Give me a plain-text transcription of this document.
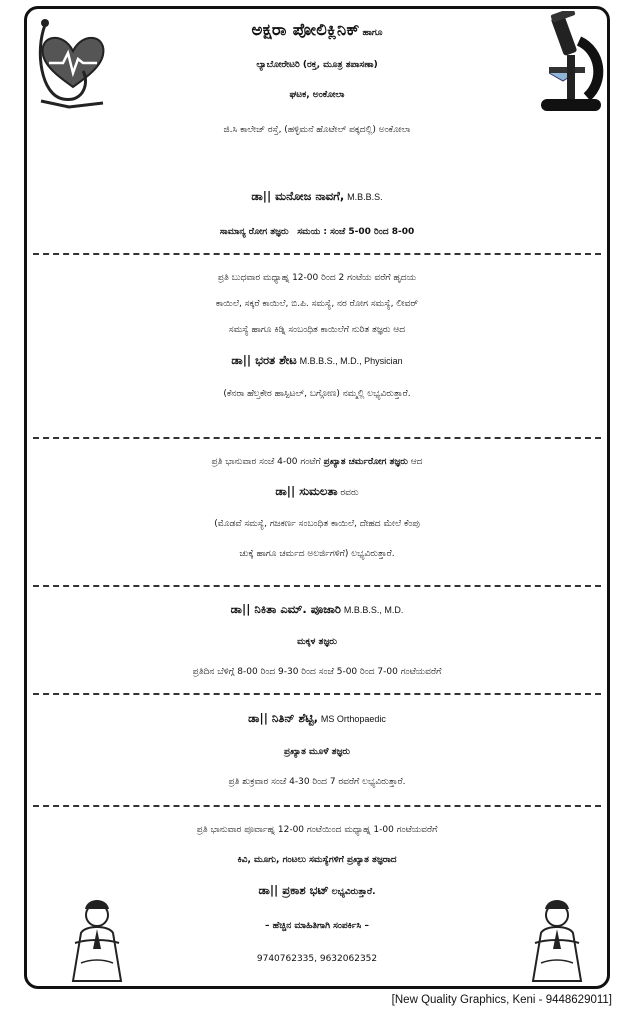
ಅಕ್ಷರಾ ಪೋಲಿಕ್ಲಿನಿಕ್ ಹಾಗೂ
ಲ್ಯಾಬೋರೇಟರಿ (ರಕ್ತ, ಮೂತ್ರ ತಪಾಸಣಾ)
ಘಟಕ, ಅಂಕೋಲಾ
ಜಿ.ಸಿ ಕಾಲೇಜ್ ರಸ್ತೆ, (ಹಳ್ಳಿಮನೆ ಹೊಟೇಲ್ ಪಕ್ಕದಲ್ಲಿ) ಅಂಕೋಲಾ
ಡಾ|| ಮನೋಜ ನಾವಗೆ, M.B.B.S.
ಸಾಮಾನ್ಯ ರೋಗ ತಜ್ಞರು ಸಮಯ : ಸಂಜೆ 5-00 ರಿಂದ 8-00
ಪ್ರತಿ ಬುಧವಾರ ಮಧ್ಯಾಹ್ನ 12-00 ರಿಂದ 2 ಗಂಟೆಯ ವರೆಗೆ ಹೃದಯ
ಕಾಯಿಲೆ, ಸಕ್ಕರೆ ಕಾಯಿಲೆ, ಬಿ.ಪಿ. ಸಮಸ್ಯೆ, ನರ ರೋಗ ಸಮಸ್ಯೆ, ಲೀವರ್
ಸಮಸ್ಯೆ ಹಾಗೂ ಕಿಡ್ನಿ ಸಂಬಂಧಿತ ಕಾಯಿಲೆಗೆ ನುರಿತ ತಜ್ಞರು ಆದ
ಡಾ|| ಭರತ ಶೇಟ M.B.B.S., M.D., Physician
(ಕೆನರಾ ಹೆಲ್ತಕೇರ ಹಾಸ್ಪಿಟಲ್, ಬಗ್ಗೋಣ) ನಮ್ಮಲ್ಲಿ ಲಭ್ಯವಿರುತ್ತಾರೆ.
ಪ್ರತಿ ಭಾನುವಾರ ಸಂಜೆ 4-00 ಗಂಟೆಗೆ ಪ್ರಖ್ಯಾತ ಚರ್ಮರೋಗ ತಜ್ಞರು ಆದ
ಡಾ|| ಸುಮಲತಾ ರವರು
(ಮೊಡವೆ ಸಮಸ್ಯೆ, ಗಜಕರ್ಣ ಸಂಬಂಧಿತ ಕಾಯಿಲೆ, ದೇಹದ ಮೇಲೆ ಕೆಂಪು
ಚುಕ್ಕೆ ಹಾಗೂ ಚರ್ಮದ ಅಲರ್ಜಿಗಳಿಗೆ) ಲಭ್ಯವಿರುತ್ತಾರೆ.
ಡಾ|| ನಿಕಿತಾ ಎಮ್. ಪೂಜಾರಿ M.B.B.S., M.D.
ಮಕ್ಕಳ ತಜ್ಞರು
ಪ್ರತಿದಿನ ಬೆಳಿಗ್ಗೆ 8-00 ರಿಂದ 9-30 ರಿಂದ ಸಂಜೆ 5-00 ರಿಂದ 7-00 ಗಂಟೆಯವರೆಗೆ
ಡಾ|| ನಿತಿನ್ ಶೆಟ್ಟಿ, MS Orthopaedic
ಪ್ರಖ್ಯಾತ ಮೂಳೆ ತಜ್ಞರು
ಪ್ರತಿ ಶುಕ್ರವಾರ ಸಂಜೆ 4-30 ರಿಂದ 7 ರವರೆಗೆ ಲಭ್ಯವಿರುತ್ತಾರೆ.
ಪ್ರತಿ ಭಾನುವಾರ ಪೂರ್ವಾಹ್ನ 12-00 ಗಂಟೆಯಿಂದ ಮಧ್ಯಾಹ್ನ 1-00 ಗಂಟೆಯವರೆಗೆ
ಕಿವಿ, ಮೂಗು, ಗಂಟಲು ಸಮಸ್ಯೆಗಳಿಗೆ ಪ್ರಖ್ಯಾತ ತಜ್ಞರಾದ
ಡಾ|| ಪ್ರಕಾಶ ಭಟ್ ಲಭ್ಯವಿರುತ್ತಾರೆ.
– ಹೆಚ್ಚಿನ ಮಾಹಿತಿಗಾಗಿ ಸಂಪರ್ಕಿಸಿ –
9740762335, 9632062352
[New Quality Graphics, Keni - 9448629011]
